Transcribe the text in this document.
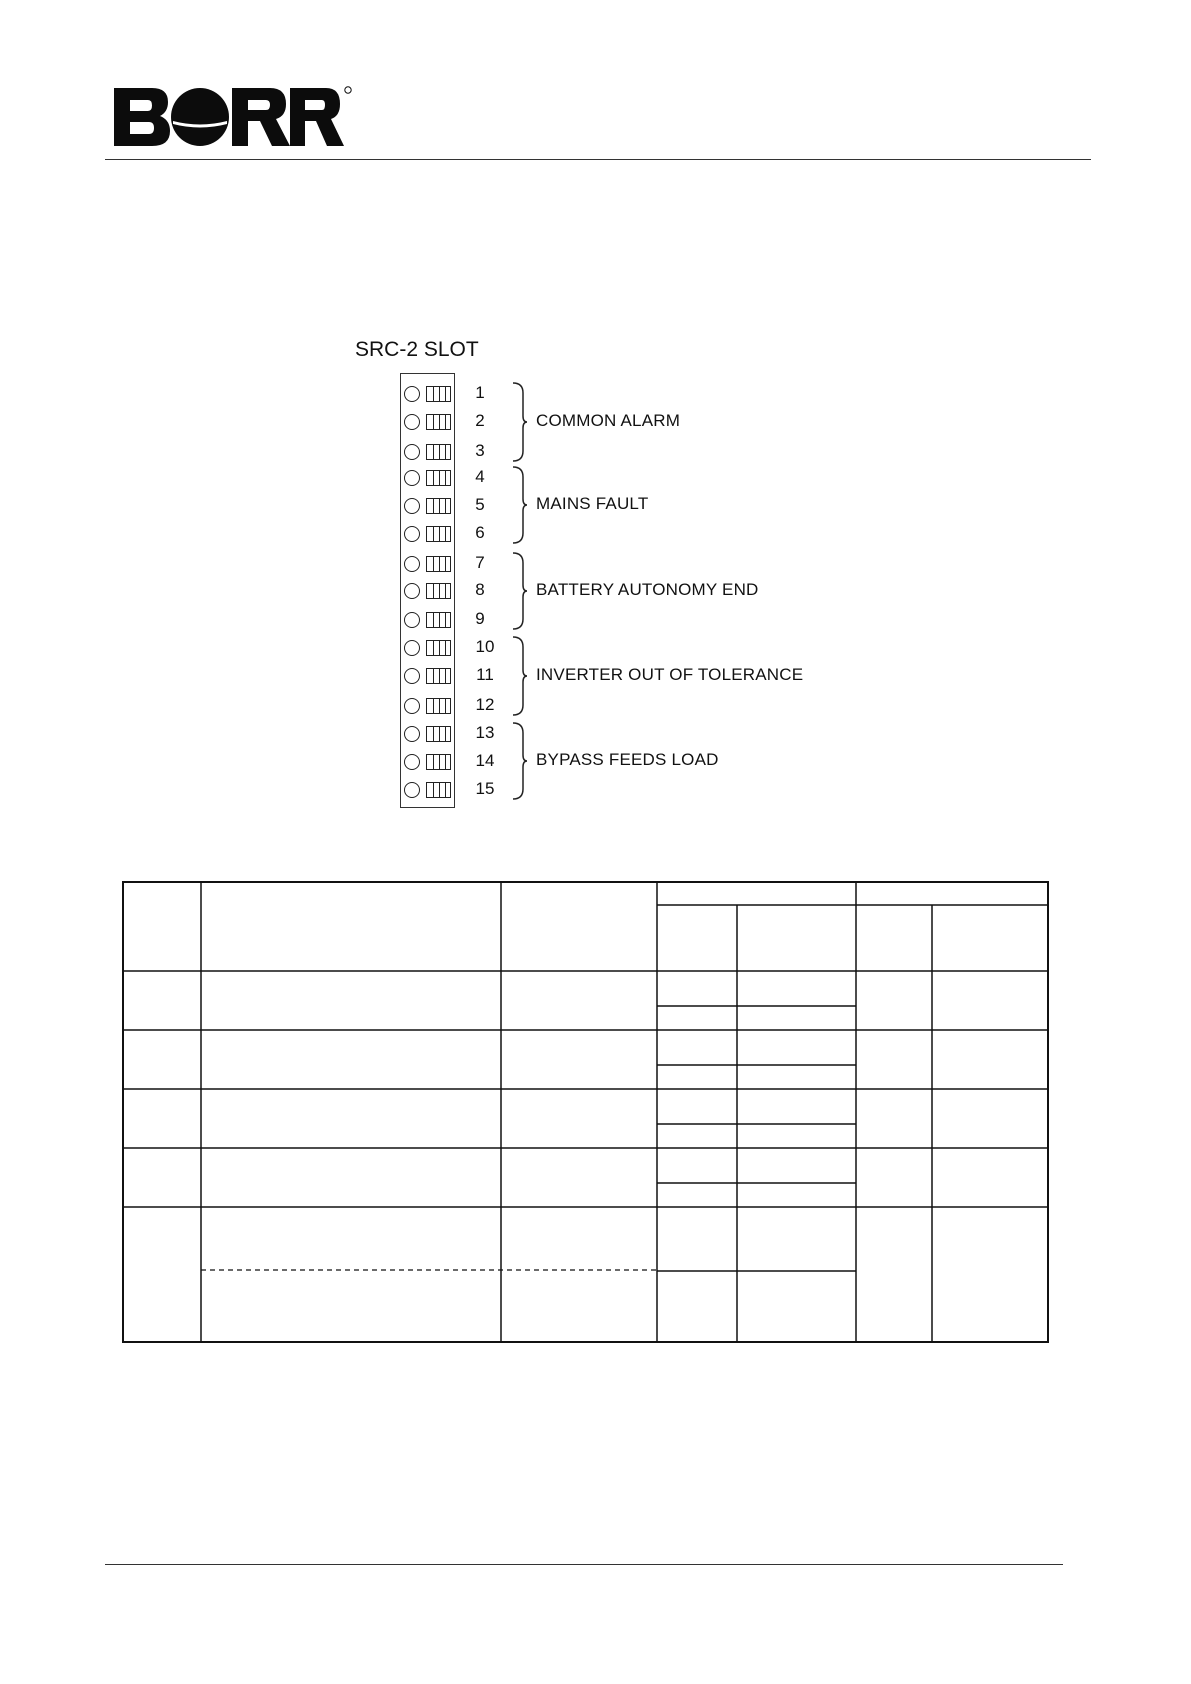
SRC-2 SLOT
1
2
3
4
5
6
7
8
9
10
11
12
13
14
15
COMMON ALARM
MAINS FAULT
BATTERY AUTONOMY END
INVERTER OUT OF TOLERANCE
BYPASS FEEDS LOAD
